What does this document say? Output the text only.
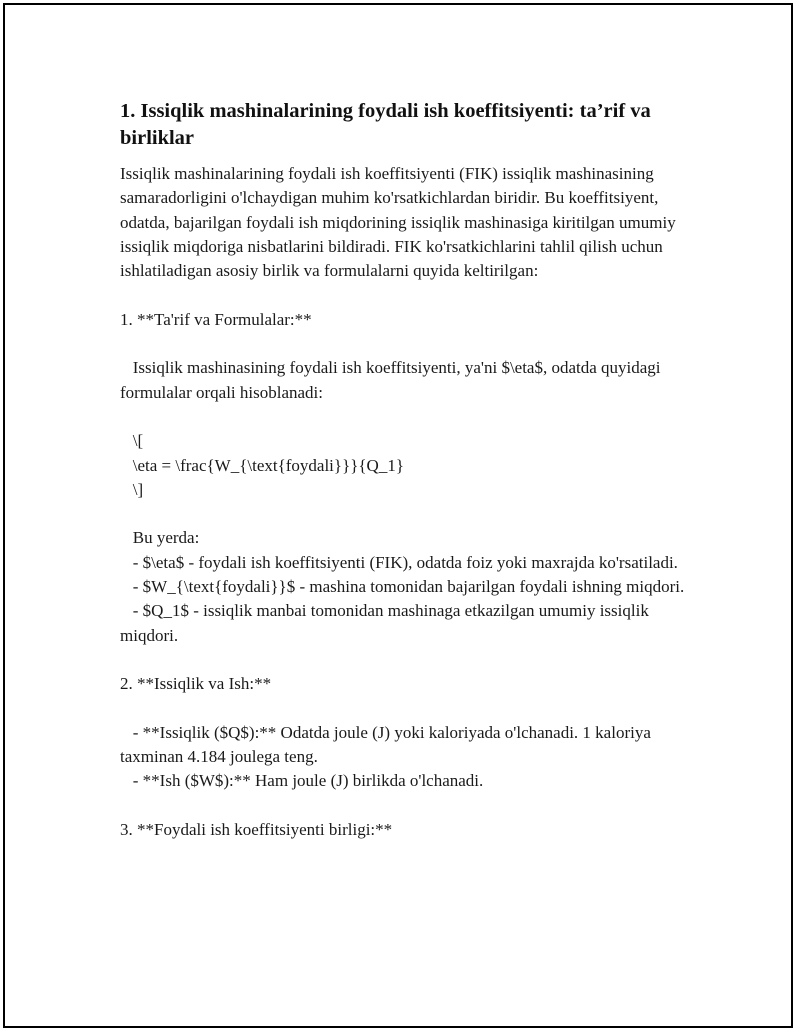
1. Issiqlik mashinalarining foydali ish koeffitsiyenti: ta’rif va birliklar

Issiqlik mashinalarining foydali ish koeffitsiyenti (FIK) issiqlik mashinasining samaradorligini o'lchaydigan muhim ko'rsatkichlardan biridir. Bu koeffitsiyent, odatda, bajarilgan foydali ish miqdorining issiqlik mashinasiga kiritilgan umumiy issiqlik miqdoriga nisbatlarini bildiradi. FIK ko'rsatkichlarini tahlil qilish uchun ishlatiladigan asosiy birlik va formulalarni quyida keltirilgan:

1. **Ta'rif va Formulalar:**

Issiqlik mashinasining foydali ish koeffitsiyenti, ya'ni $\eta$, odatda quyidagi formulalar orqali hisoblanadi:

\[

\eta = \frac{W_{\text{foydali}}}{Q_1}

\]

Bu yerda:

- $\eta$ - foydali ish koeffitsiyenti (FIK), odatda foiz yoki maxrajda ko'rsatiladi.

- $W_{\text{foydali}}$ - mashina tomonidan bajarilgan foydali ishning miqdori.

- $Q_1$ - issiqlik manbai tomonidan mashinaga etkazilgan umumiy issiqlik miqdori.

2. **Issiqlik va Ish:**

- **Issiqlik ($Q$):** Odatda joule (J) yoki kaloriyada o'lchanadi. 1 kaloriya taxminan 4.184 joulega teng.

- **Ish ($W$):** Ham joule (J) birlikda o'lchanadi.

3. **Foydali ish koeffitsiyenti birligi:**
